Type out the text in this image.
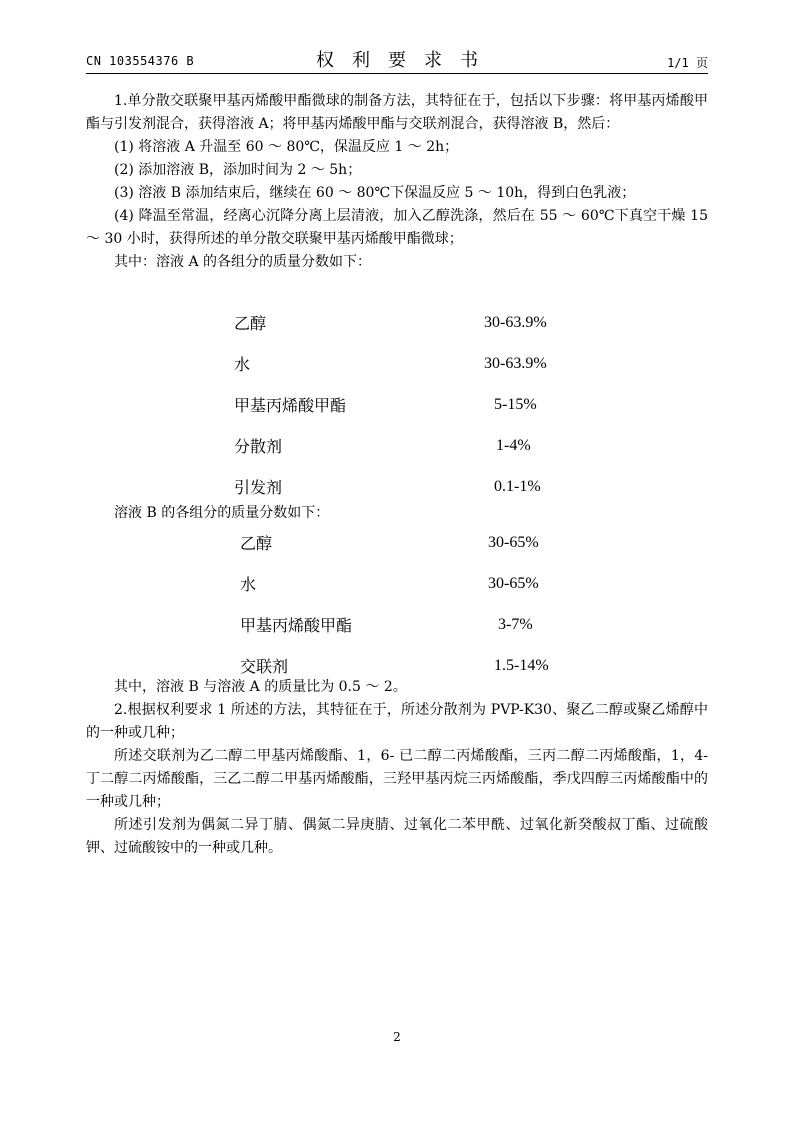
CN 103554376 B	权利要求书	1/1 页

1.单分散交联聚甲基丙烯酸甲酯微球的制备方法，其特征在于，包括以下步骤：将甲基丙烯酸甲酯与引发剂混合，获得溶液 A；将甲基丙烯酸甲酯与交联剂混合，获得溶液 B，然后：

(1) 将溶液 A 升温至 60 ～ 80℃，保温反应 1 ～ 2h；

(2) 添加溶液 B，添加时间为 2 ～ 5h；

(3) 溶液 B 添加结束后，继续在 60 ～ 80℃下保温反应 5 ～ 10h，得到白色乳液；

(4) 降温至常温，经离心沉降分离上层清液，加入乙醇洗涤，然后在 55 ～ 60℃下真空干燥 15 ～ 30 小时，获得所述的单分散交联聚甲基丙烯酸甲酯微球；

其中：溶液 A 的各组分的质量分数如下：

乙醇	30-63.9%
水	30-63.9%
甲基丙烯酸甲酯	5-15%
分散剂	1-4%
引发剂	0.1-1%
溶液 B 的各组分的质量分数如下：
乙醇	30-65%
水	30-65%
甲基丙烯酸甲酯	3-7%
交联剂	1.5-14%

其中，溶液 B 与溶液 A 的质量比为 0.5 ～ 2。

2.根据权利要求 1 所述的方法，其特征在于，所述分散剂为 PVP-K30、聚乙二醇或聚乙烯醇中的一种或几种；

所述交联剂为乙二醇二甲基丙烯酸酯、1，6- 已二醇二丙烯酸酯，三丙二醇二丙烯酸酯，1，4- 丁二醇二丙烯酸酯，三乙二醇二甲基丙烯酸酯，三羟甲基丙烷三丙烯酸酯，季戊四醇三丙烯酸酯中的一种或几种；

所述引发剂为偶氮二异丁腈、偶氮二异庚腈、过氧化二苯甲酰、过氧化新癸酸叔丁酯、过硫酸钾、过硫酸铵中的一种或几种。

2
